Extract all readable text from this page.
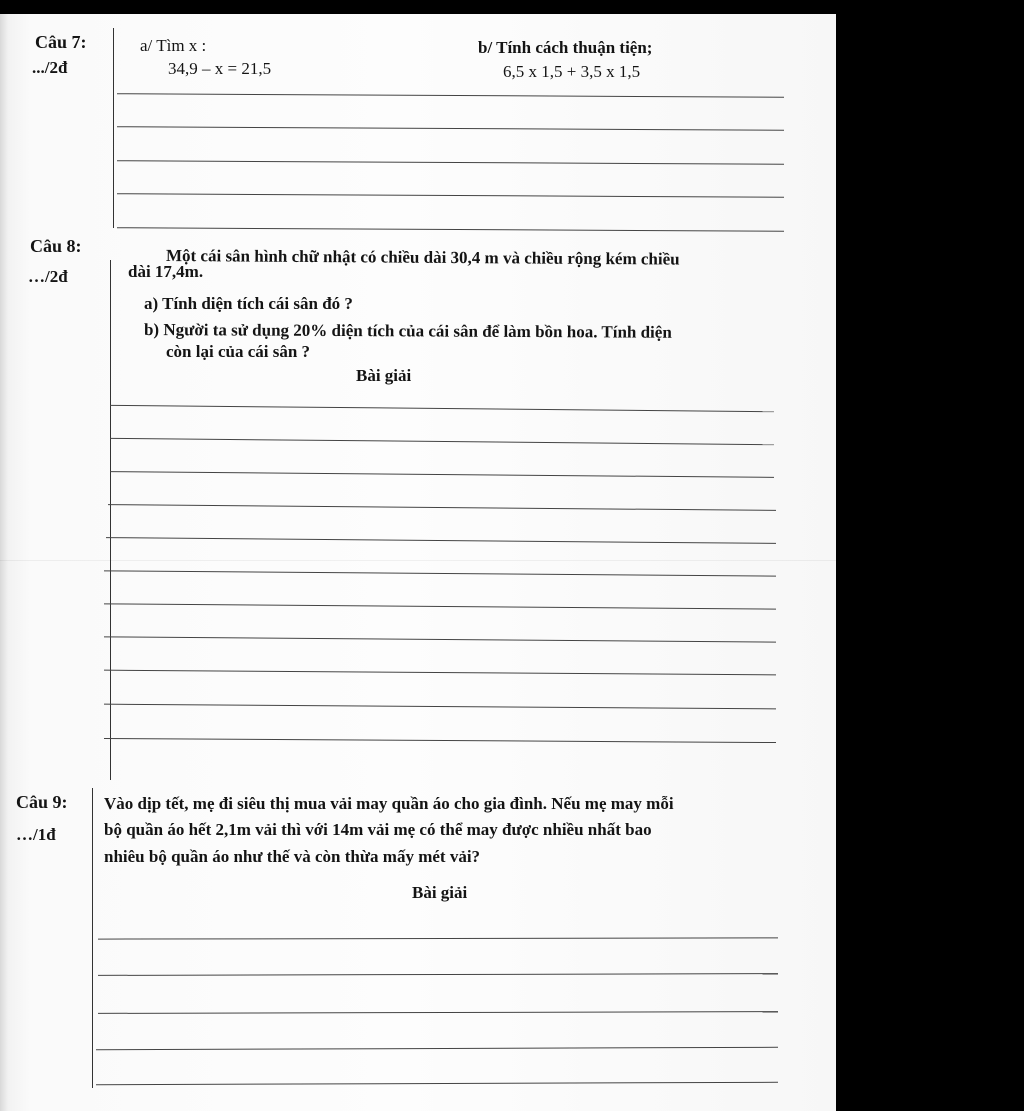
Câu 7:
.../2đ
a/ Tìm x :
34,9 – x = 21,5
b/ Tính cách thuận tiện;
6,5 x 1,5 + 3,5 x 1,5
Câu 8:
…/2đ
Một cái sân hình chữ nhật có chiều dài 30,4 m và chiều rộng kém chiều
dài 17,4m.
a) Tính diện tích cái sân đó ?
b) Người ta sử dụng 20% diện tích của cái sân để làm bồn hoa. Tính diện
còn lại của cái sân ?
Bài giải
Câu 9:
…/1đ
Vào dịp tết, mẹ đi siêu thị mua vải may quần áo cho gia đình. Nếu mẹ may mỗi
bộ quần áo hết 2,1m vải thì với 14m vải mẹ có thể may được nhiều nhất bao
nhiêu bộ quần áo như thế và còn thừa mấy mét vải?
Bài giải
